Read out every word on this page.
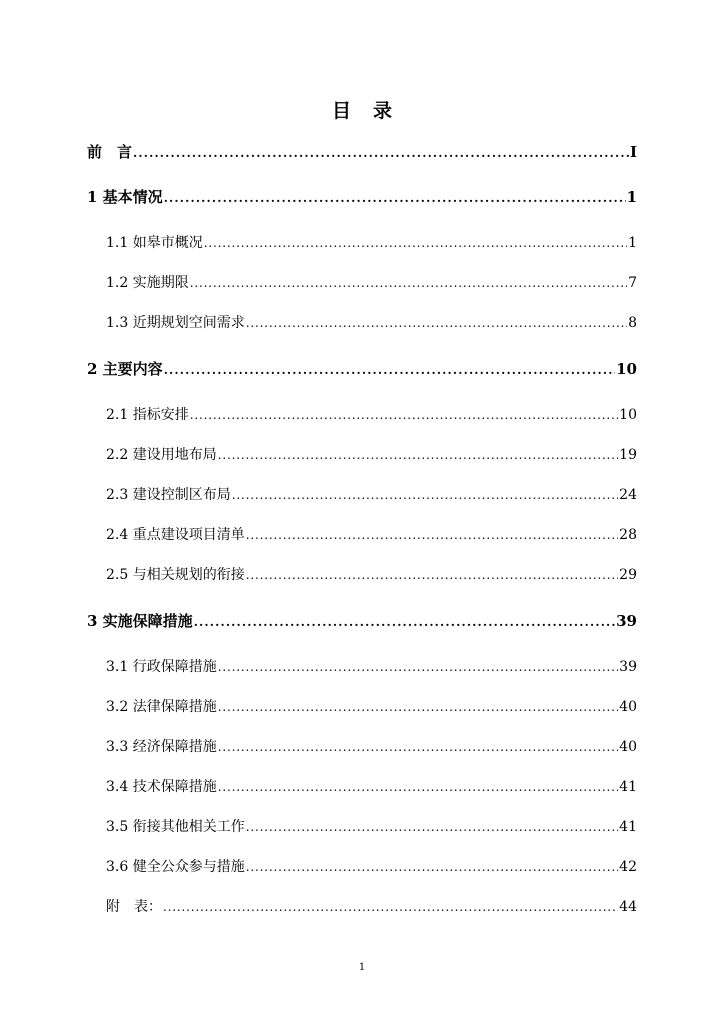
目录
前　言 . . .	I
1 基本情况 . . .	1
1.1 如皋市概况 . . .	1
1.2 实施期限 . . .	7
1.3 近期规划空间需求 . . .	8
2 主要内容 . . .	10
2.1 指标安排 . . .	10
2.2 建设用地布局 . . .	19
2.3 建设控制区布局 . . .	24
2.4 重点建设项目清单 . . .	28
2.5 与相关规划的衔接 . . .	29
3 实施保障措施 . . .	39
3.1 行政保障措施 . . .	39
3.2 法律保障措施 . . .	40
3.3 经济保障措施 . . .	40
3.4 技术保障措施 . . .	41
3.5 衔接其他相关工作 . . .	41
3.6 健全公众参与措施 . . .	42
附　表： . . .	44
1
